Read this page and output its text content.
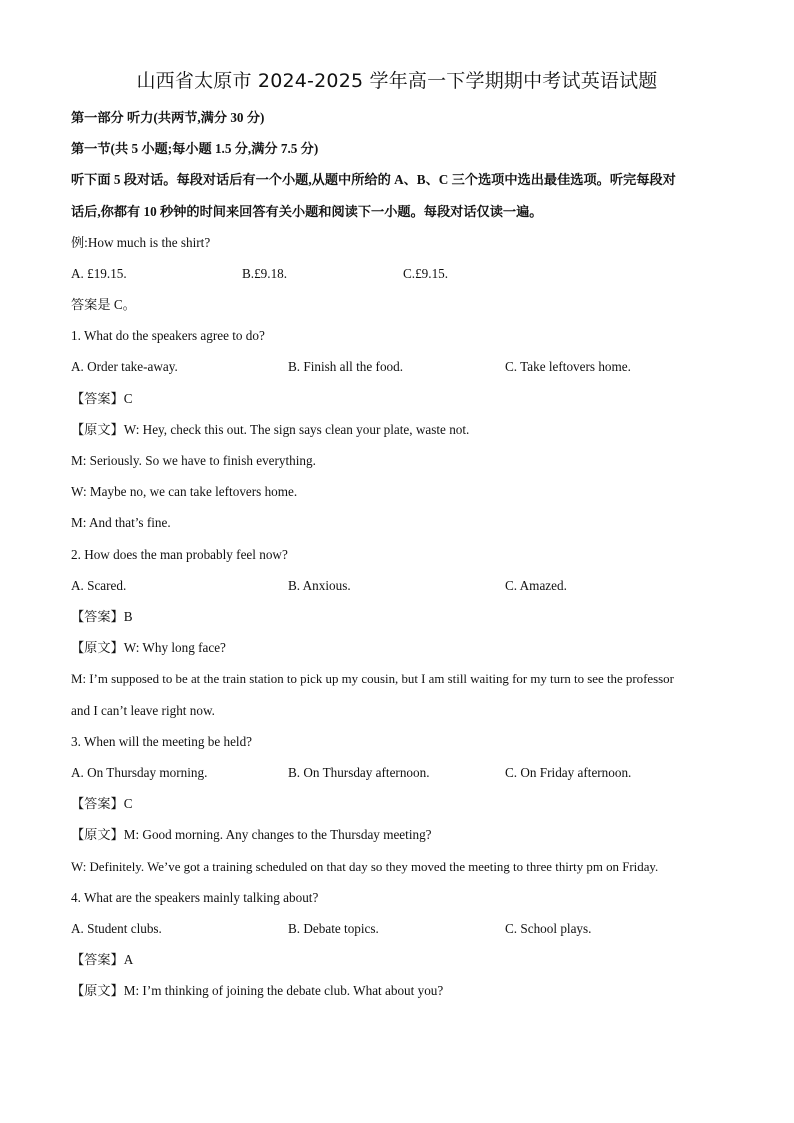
山西省太原市 2024-2025 学年高一下学期期中考试英语试题
第一部分 听力(共两节,满分 30 分)
第一节(共 5 小题;每小题 1.5 分,满分 7.5 分)
听下面 5 段对话。每段对话后有一个小题,从题中所给的 A、B、C 三个选项中选出最佳选项。听完每段对
话后,你都有 10 秒钟的时间来回答有关小题和阅读下一小题。每段对话仅读一遍。
例:How much is the shirt?
A. £19.15.	B.£9.18.	C.£9.15.
答案是 C。
1. What do the speakers agree to do?
A. Order take-away.	B. Finish all the food.	C. Take leftovers home.
【答案】C
【原文】W: Hey, check this out. The sign says clean your plate, waste not.
M: Seriously. So we have to finish everything.
W: Maybe no, we can take leftovers home.
M: And that’s fine.
2. How does the man probably feel now?
A. Scared.	B. Anxious.	C. Amazed.
【答案】B
【原文】W: Why long face?
M: I’m supposed to be at the train station to pick up my cousin, but I am still waiting for my turn to see the professor
and I can’t leave right now.
3. When will the meeting be held?
A. On Thursday morning.	B. On Thursday afternoon.	C. On Friday afternoon.
【答案】C
【原文】M: Good morning. Any changes to the Thursday meeting?
W: Definitely. We’ve got a training scheduled on that day so they moved the meeting to three thirty pm on Friday.
4. What are the speakers mainly talking about?
A. Student clubs.	B. Debate topics.	C. School plays.
【答案】A
【原文】M: I’m thinking of joining the debate club. What about you?
